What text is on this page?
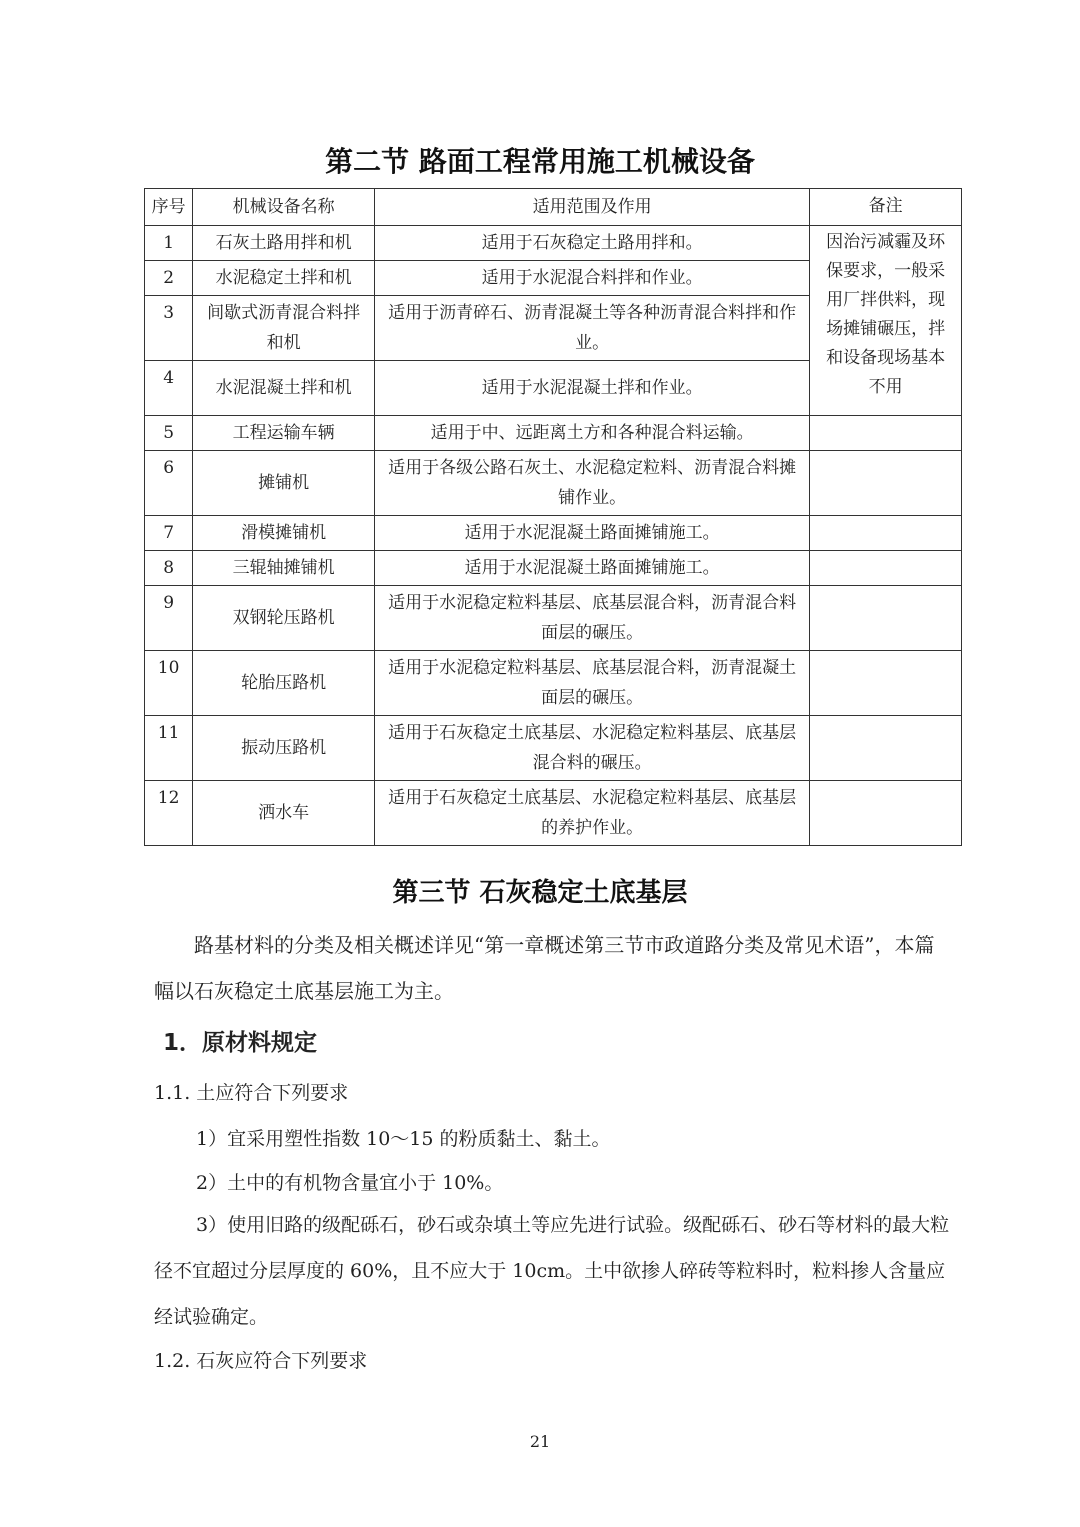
第二节 路面工程常用施工机械设备
序号	机械设备名称	适用范围及作用	备注
1	石灰土路用拌和机	适用于石灰稳定土路用拌和。	因治污减霾及环保要求，一般采用厂拌供料，现场摊铺碾压，拌和设备现场基本不用
2	水泥稳定土拌和机	适用于水泥混合料拌和作业。	
3	间歇式沥青混合料拌和机	适用于沥青碎石、沥青混凝土等各种沥青混合料拌和作业。	
4	水泥混凝土拌和机	适用于水泥混凝土拌和作业。	
5	工程运输车辆	适用于中、远距离土方和各种混合料运输。	
6	摊铺机	适用于各级公路石灰土、水泥稳定粒料、沥青混合料摊铺作业。	
7	滑模摊铺机	适用于水泥混凝土路面摊铺施工。	
8	三辊轴摊铺机	适用于水泥混凝土路面摊铺施工。	
9	双钢轮压路机	适用于水泥稳定粒料基层、底基层混合料，沥青混合料面层的碾压。	
10	轮胎压路机	适用于水泥稳定粒料基层、底基层混合料，沥青混凝土面层的碾压。	
11	振动压路机	适用于石灰稳定土底基层、水泥稳定粒料基层、底基层混合料的碾压。	
12	洒水车	适用于石灰稳定土底基层、水泥稳定粒料基层、底基层的养护作业。	
第三节 石灰稳定土底基层
路基材料的分类及相关概述详见“第一章概述第三节市政道路分类及常见术语”，本篇幅以石灰稳定土底基层施工为主。
1．原材料规定
1.1. 土应符合下列要求
1）宜采用塑性指数 10～15 的粉质黏土、黏土。
2）土中的有机物含量宜小于 10%。
3）使用旧路的级配砾石，砂石或杂填土等应先进行试验。级配砾石、砂石等材料的最大粒径不宜超过分层厚度的 60%，且不应大于 10cm。土中欲掺人碎砖等粒料时，粒料掺人含量应经试验确定。
1.2. 石灰应符合下列要求
21
